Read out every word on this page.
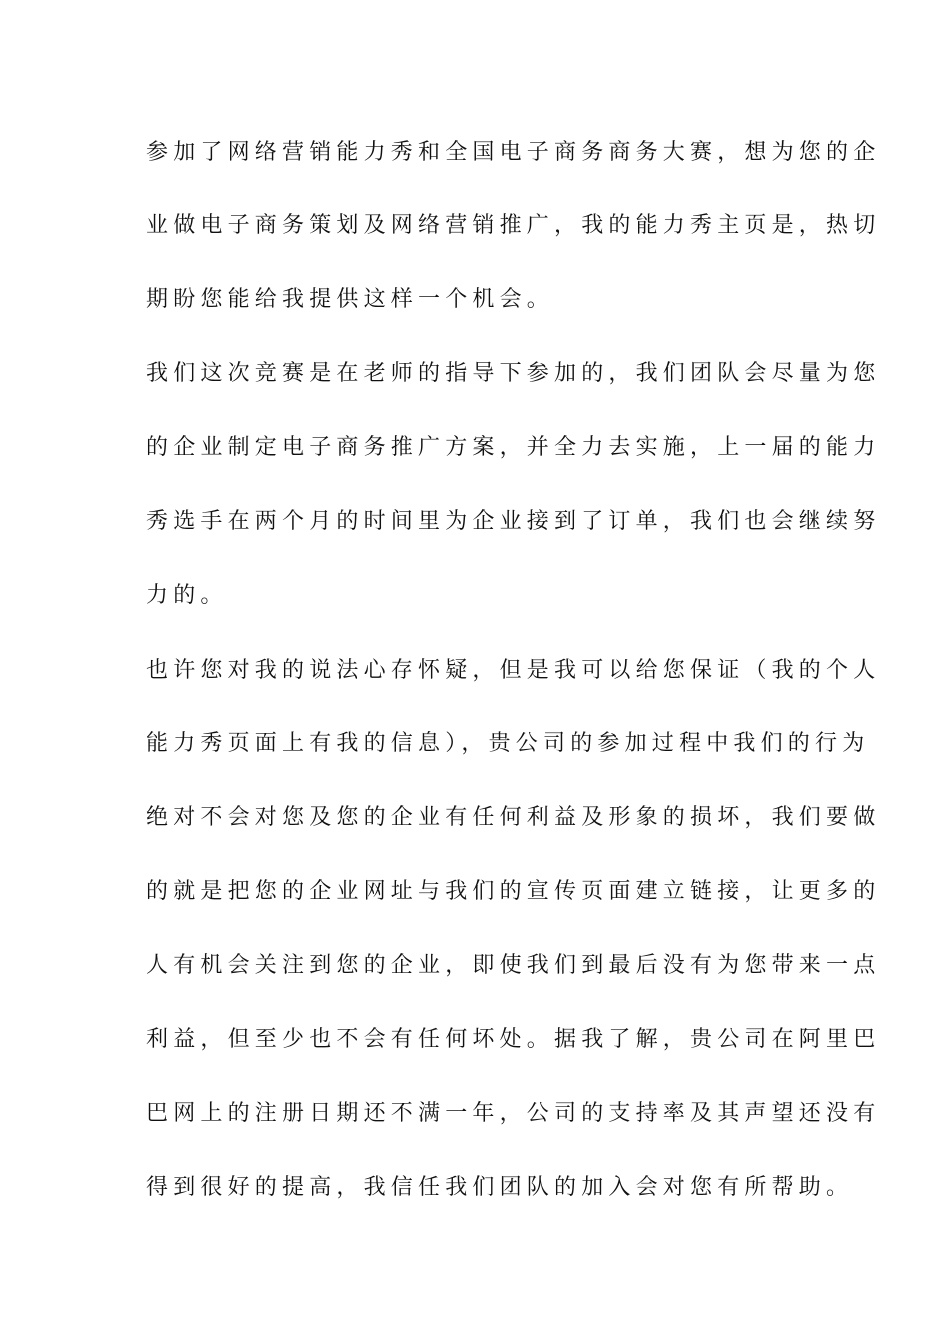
参加了网络营销能力秀和全国电子商务商务大赛，想为您的企
业做电子商务策划及网络营销推广，我的能力秀主页是，热切
期盼您能给我提供这样一个机会。
我们这次竞赛是在老师的指导下参加的，我们团队会尽量为您
的企业制定电子商务推广方案，并全力去实施，上一届的能力
秀选手在两个月的时间里为企业接到了订单，我们也会继续努
力的。
也许您对我的说法心存怀疑，但是我可以给您保证（我的个人
能力秀页面上有我的信息），贵公司的参加过程中我们的行为
绝对不会对您及您的企业有任何利益及形象的损坏，我们要做
的就是把您的企业网址与我们的宣传页面建立链接，让更多的
人有机会关注到您的企业，即使我们到最后没有为您带来一点
利益，但至少也不会有任何坏处。据我了解，贵公司在阿里巴
巴网上的注册日期还不满一年，公司的支持率及其声望还没有
得到很好的提高，我信任我们团队的加入会对您有所帮助。
